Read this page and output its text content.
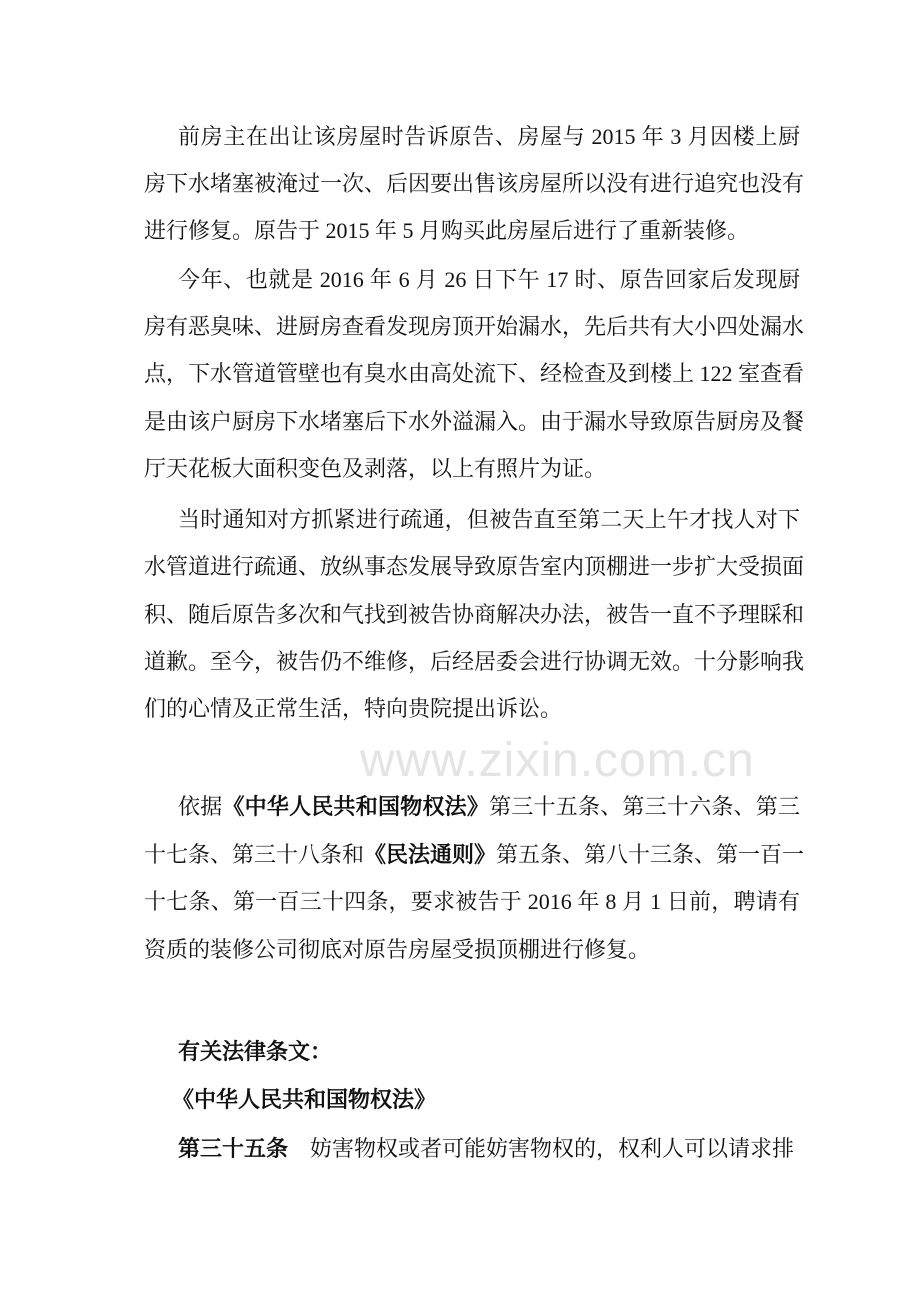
www.zixin.com.cn
前房主在出让该房屋时告诉原告、房屋与 2015 年 3 月因楼上厨
房下水堵塞被淹过一次、后因要出售该房屋所以没有进行追究也没有
进行修复。原告于 2015 年 5 月购买此房屋后进行了重新装修。
今年、也就是 2016 年 6 月 26 日下午 17 时、原告回家后发现厨
房有恶臭味、进厨房查看发现房顶开始漏水，先后共有大小四处漏水
点，下水管道管壁也有臭水由高处流下、经检查及到楼上 122 室查看
是由该户厨房下水堵塞后下水外溢漏入。由于漏水导致原告厨房及餐
厅天花板大面积变色及剥落，以上有照片为证。
当时通知对方抓紧进行疏通，但被告直至第二天上午才找人对下
水管道进行疏通、放纵事态发展导致原告室内顶棚进一步扩大受损面
积、随后原告多次和气找到被告协商解决办法，被告一直不予理睬和
道歉。至今，被告仍不维修，后经居委会进行协调无效。十分影响我
们的心情及正常生活，特向贵院提出诉讼。
依据《中华人民共和国物权法》第三十五条、第三十六条、第三
十七条、第三十八条和《民法通则》第五条、第八十三条、第一百一
十七条、第一百三十四条，要求被告于 2016 年 8 月 1 日前，聘请有
资质的装修公司彻底对原告房屋受损顶棚进行修复。
有关法律条文：
《中华人民共和国物权法》
第三十五条 妨害物权或者可能妨害物权的，权利人可以请求排
